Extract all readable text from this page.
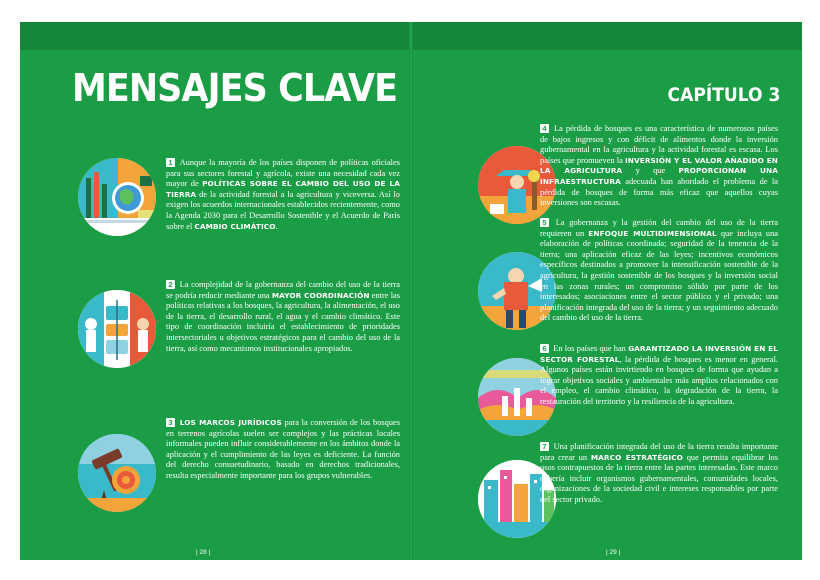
MENSAJES CLAVE	CAPÍTULO 3

1 Aunque la mayoría de los países disponen de políticas oficiales para sus sectores forestal y agrícola, existe una necesidad cada vez mayor de POLÍTICAS SOBRE EL CAMBIO DEL USO DE LA TIERRA de la actividad forestal a la agricultura y viceversa. Así lo exigen los acuerdos internacionales establecidos recientemente, como la Agenda 2030 para el Desarrollo Sostenible y el Acuerdo de París sobre el CAMBIO CLIMÁTICO.

2 La complejidad de la gobernanza del cambio del uso de la tierra se podría reducir mediante una MAYOR COORDINACIÓN entre las políticas relativas a los bosques, la agricultura, la alimentación, el uso de la tierra, el desarrollo rural, el agua y el cambio climático. Este tipo de coordinación incluiría el establecimiento de prioridades intersectoriales u objetivos estratégicos para el cambio del uso de la tierra, así como mecanismos institucionales apropiados.

3 LOS MARCOS JURÍDICOS para la conversión de los bosques en terrenos agrícolas suelen ser complejos y las prácticas locales informales pueden influir considerablemente en los ámbitos donde la aplicación y el cumplimiento de las leyes es deficiente. La función del derecho consuetudinario, basado en derechos tradicionales, resulta especialmente importante para los grupos vulnerables.

4 La pérdida de bosques es una característica de numerosos países de bajos ingresos y con déficit de alimentos donde la inversión gubernamental en la agricultura y la actividad forestal es escasa. Los países que promueven la INVERSIÓN Y EL VALOR AÑADIDO EN LA AGRICULTURA y que PROPORCIONAN UNA INFRAESTRUCTURA adecuada han abordado el problema de la pérdida de bosques de forma más eficaz que aquellos cuyas inversiones son escasas.

5 La gobernanza y la gestión del cambio del uso de la tierra requieren un ENFOQUE MULTIDIMENSIONAL que incluya una elaboración de políticas coordinada; seguridad de la tenencia de la tierra; una aplicación eficaz de las leyes; incentivos económicos específicos destinados a promover la intensificación sostenible de la agricultura, la gestión sostenible de los bosques y la inversión social en las zonas rurales; un compromiso sólido por parte de los interesados; asociaciones entre el sector público y el privado; una planificación integrada del uso de la tierra; y un seguimiento adecuado del cambio del uso de la tierra.

6 En los países que han GARANTIZADO LA INVERSIÓN EN EL SECTOR FORESTAL, la pérdida de bosques es menor en general. Algunos países están invirtiendo en bosques de forma que ayudan a lograr objetivos sociales y ambientales más amplios relacionados con el empleo, el cambio climático, la degradación de la tierra, la restauración del territorio y la resiliencia de la agricultura.

7 Una planificación integrada del uso de la tierra resulta importante para crear un MARCO ESTRATÉGICO que permita equilibrar los usos contrapuestos de la tierra entre las partes interesadas. Este marco debería incluir organismos gubernamentales, comunidades locales, organizaciones de la sociedad civil e intereses responsables por parte del sector privado.

| 28 |	| 29 |
